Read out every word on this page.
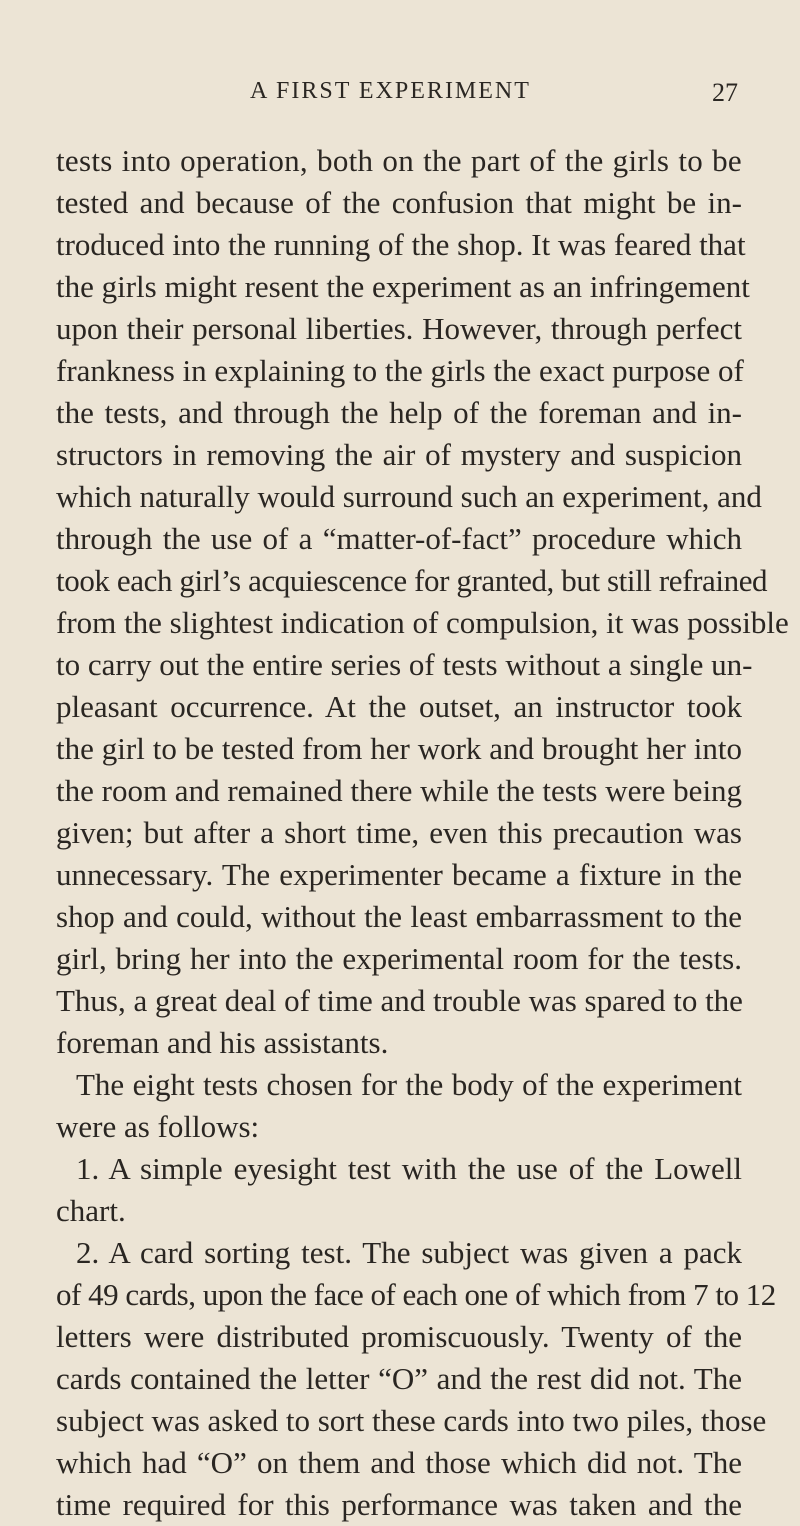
A FIRST EXPERIMENT	27
tests into operation, both on the part of the girls to be
tested and because of the confusion that might be in-
troduced into the running of the shop. It was feared that
the girls might resent the experiment as an infringement
upon their personal liberties. However, through perfect
frankness in explaining to the girls the exact purpose of
the tests, and through the help of the foreman and in-
structors in removing the air of mystery and suspicion
which naturally would surround such an experiment, and
through the use of a “matter-of-fact” procedure which
took each girl’s acquiescence for granted, but still refrained
from the slightest indication of compulsion, it was possible
to carry out the entire series of tests without a single un-
pleasant occurrence. At the outset, an instructor took
the girl to be tested from her work and brought her into
the room and remained there while the tests were being
given; but after a short time, even this precaution was
unnecessary. The experimenter became a fixture in the
shop and could, without the least embarrassment to the
girl, bring her into the experimental room for the tests.
Thus, a great deal of time and trouble was spared to the
foreman and his assistants.
The eight tests chosen for the body of the experiment
were as follows:
1. A simple eyesight test with the use of the Lowell
chart.
2. A card sorting test. The subject was given a pack
of 49 cards, upon the face of each one of which from 7 to 12
letters were distributed promiscuously. Twenty of the
cards contained the letter “O” and the rest did not. The
subject was asked to sort these cards into two piles, those
which had “O” on them and those which did not. The
time required for this performance was taken and the
